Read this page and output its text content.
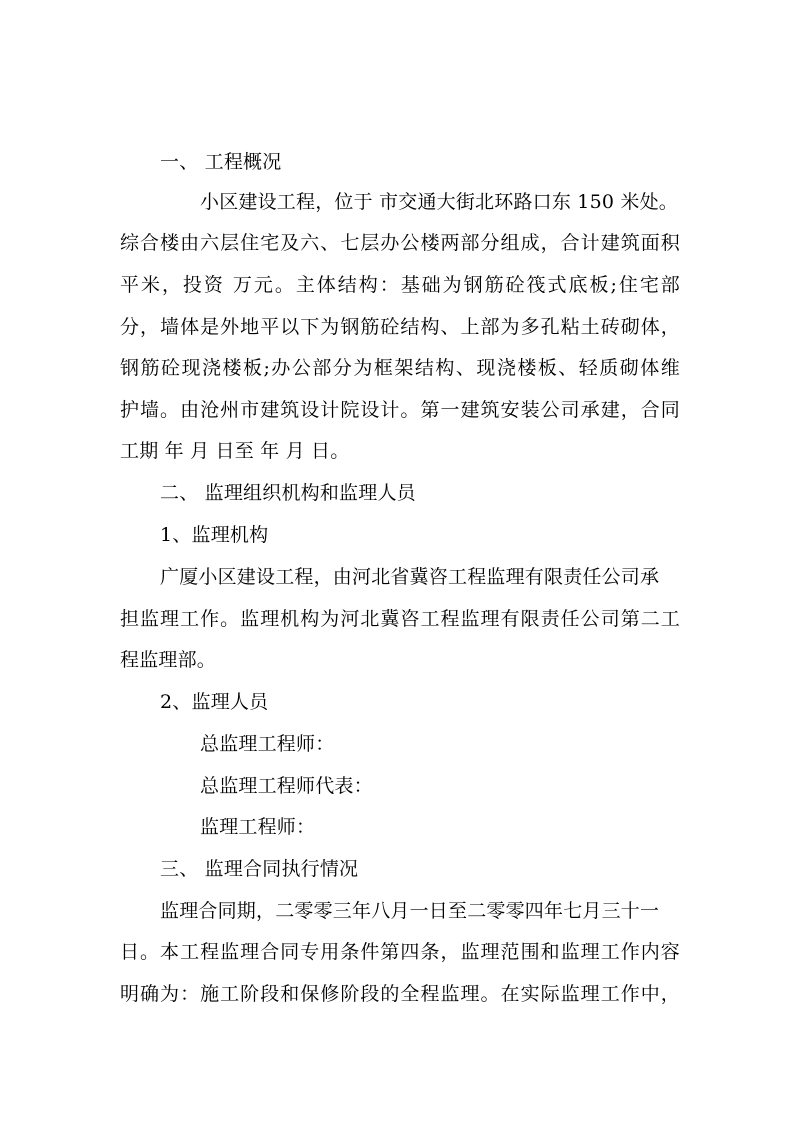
一、 工程概况
小区建设工程，位于 市交通大街北环路口东 150 米处。
综合楼由六层住宅及六、七层办公楼两部分组成，合计建筑面积
平米，投资 万元。主体结构：基础为钢筋砼筏式底板;住宅部
分，墙体是外地平以下为钢筋砼结构、上部为多孔粘土砖砌体，
钢筋砼现浇楼板;办公部分为框架结构、现浇楼板、轻质砌体维
护墙。由沧州市建筑设计院设计。第一建筑安装公司承建，合同
工期 年 月 日至 年 月 日。
二、 监理组织机构和监理人员
1、监理机构
广厦小区建设工程，由河北省冀咨工程监理有限责任公司承
担监理工作。监理机构为河北冀咨工程监理有限责任公司第二工
程监理部。
2、监理人员
总监理工程师：
总监理工程师代表：
监理工程师：
三、 监理合同执行情况
监理合同期，二零零三年八月一日至二零零四年七月三十一
日。本工程监理合同专用条件第四条，监理范围和监理工作内容
明确为：施工阶段和保修阶段的全程监理。在实际监理工作中，
